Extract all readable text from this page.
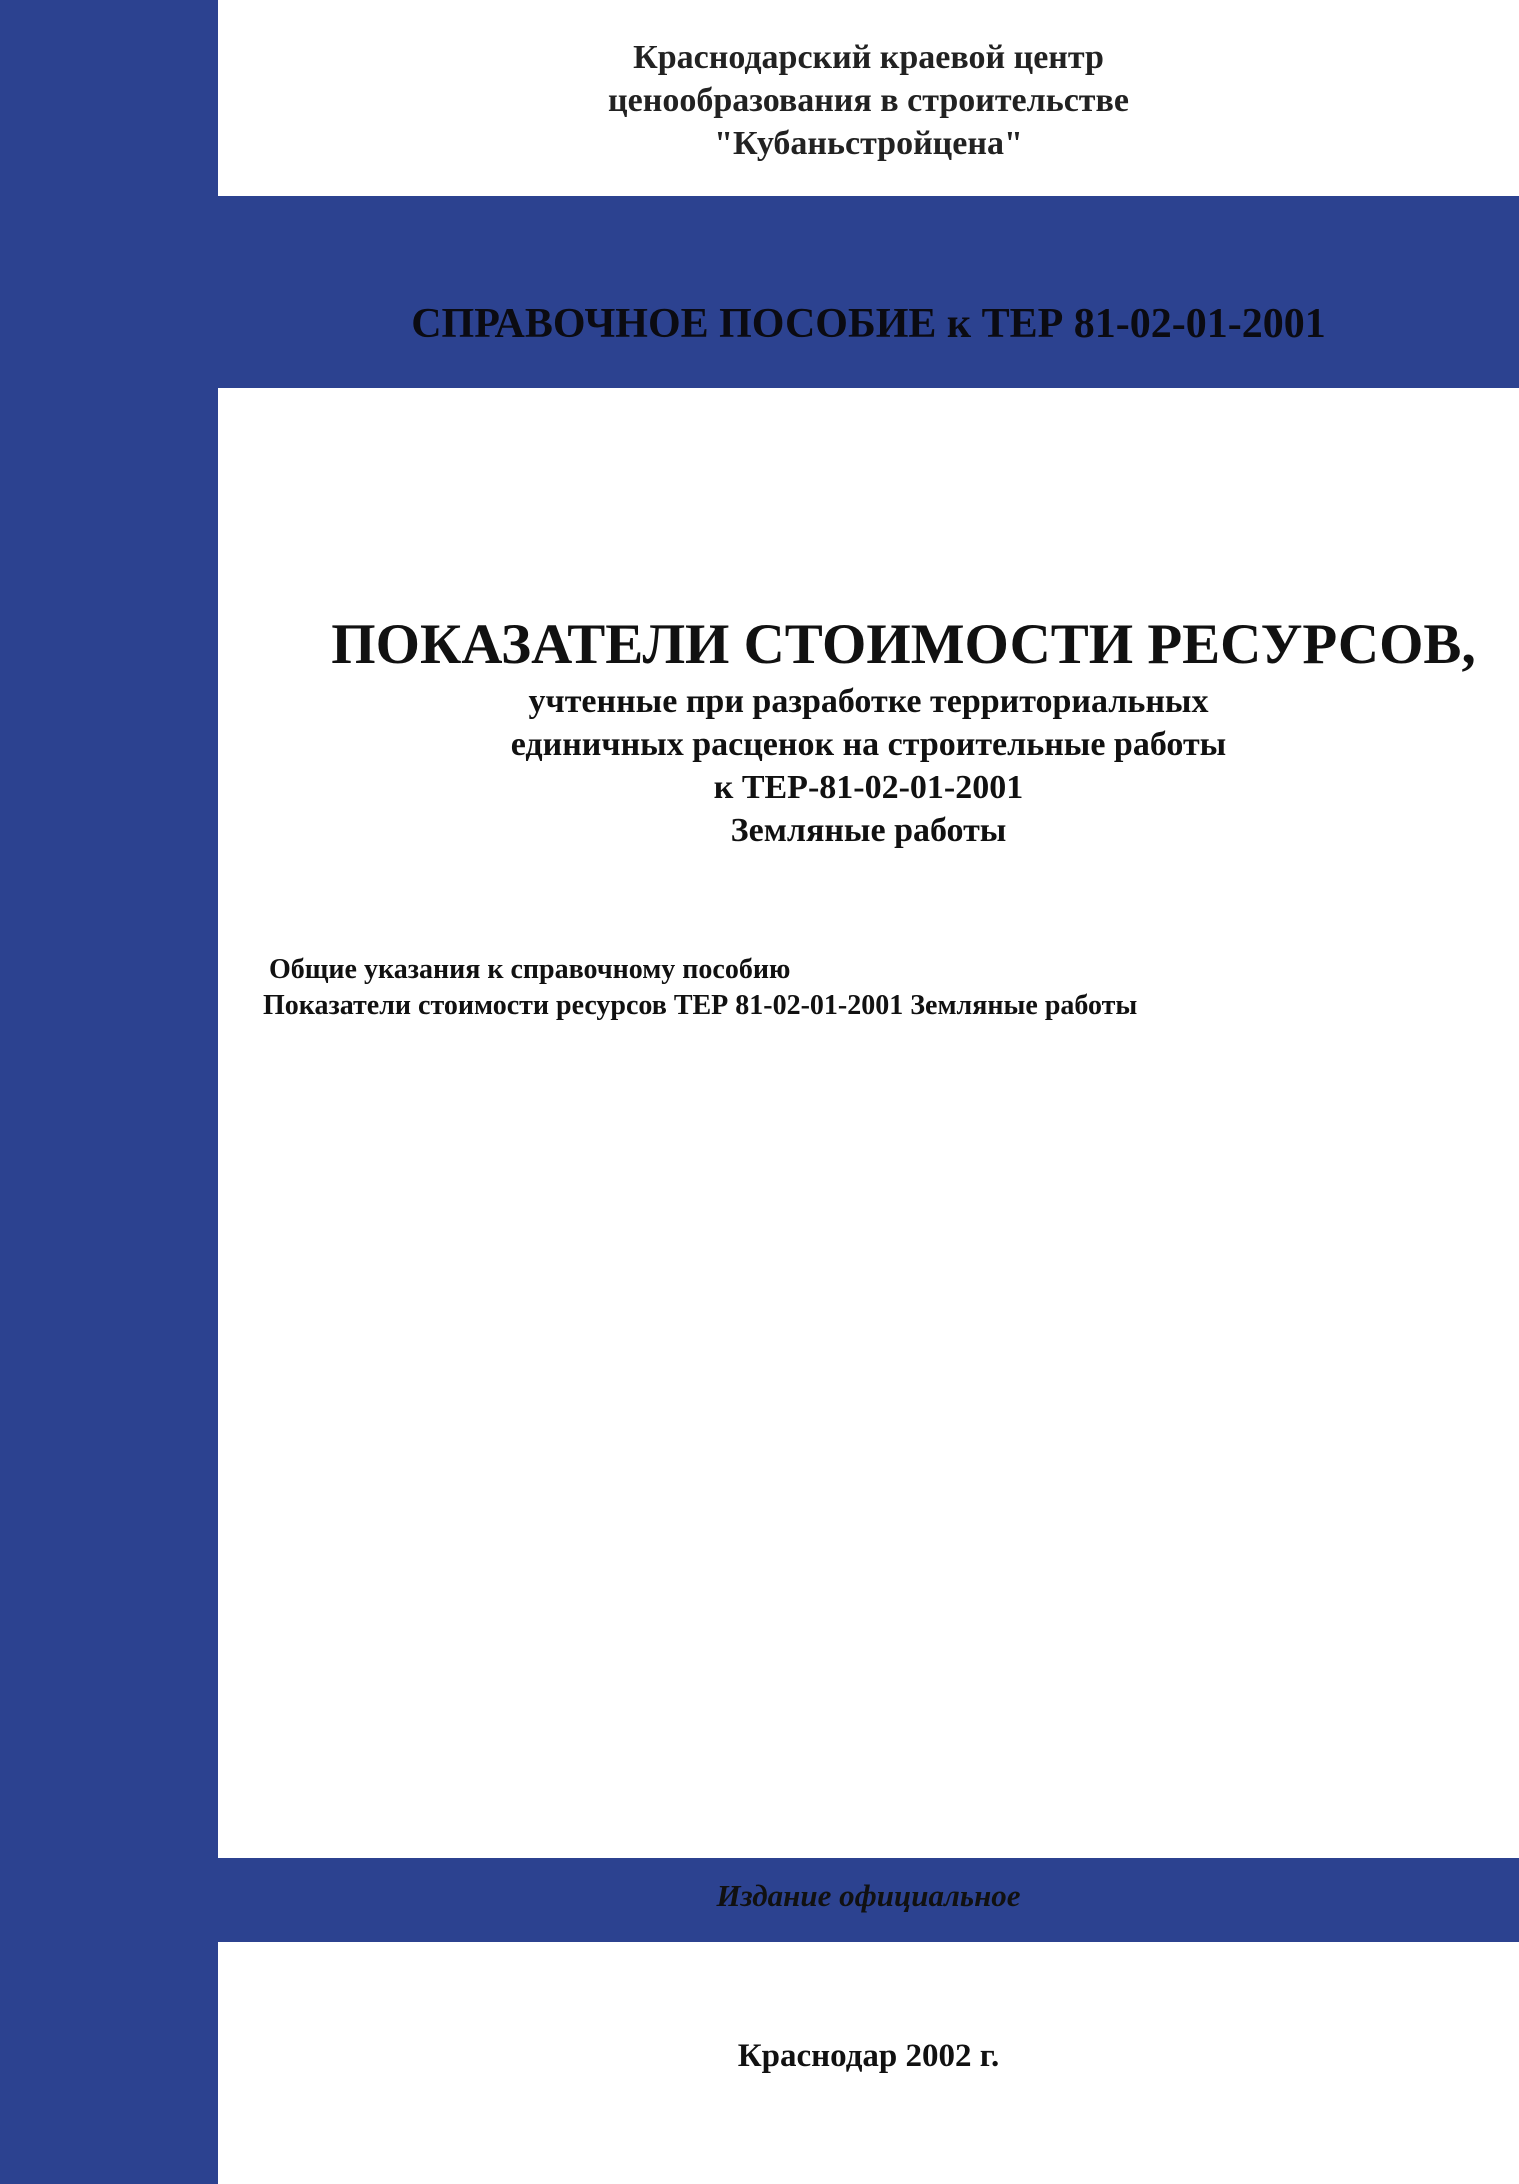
Краснодарский краевой центр
ценообразования в строительстве
"Кубаньстройцена"
СПРАВОЧНОЕ ПОСОБИЕ к ТЕР 81-02-01-2001
ПОКАЗАТЕЛИ СТОИМОСТИ РЕСУРСОВ,
учтенные при разработке территориальных
единичных расценок на строительные работы
к ТЕР-81-02-01-2001
Земляные работы
Общие указания к справочному пособию
Показатели стоимости ресурсов ТЕР 81-02-01-2001 Земляные работы
Издание официальное
Краснодар 2002 г.
